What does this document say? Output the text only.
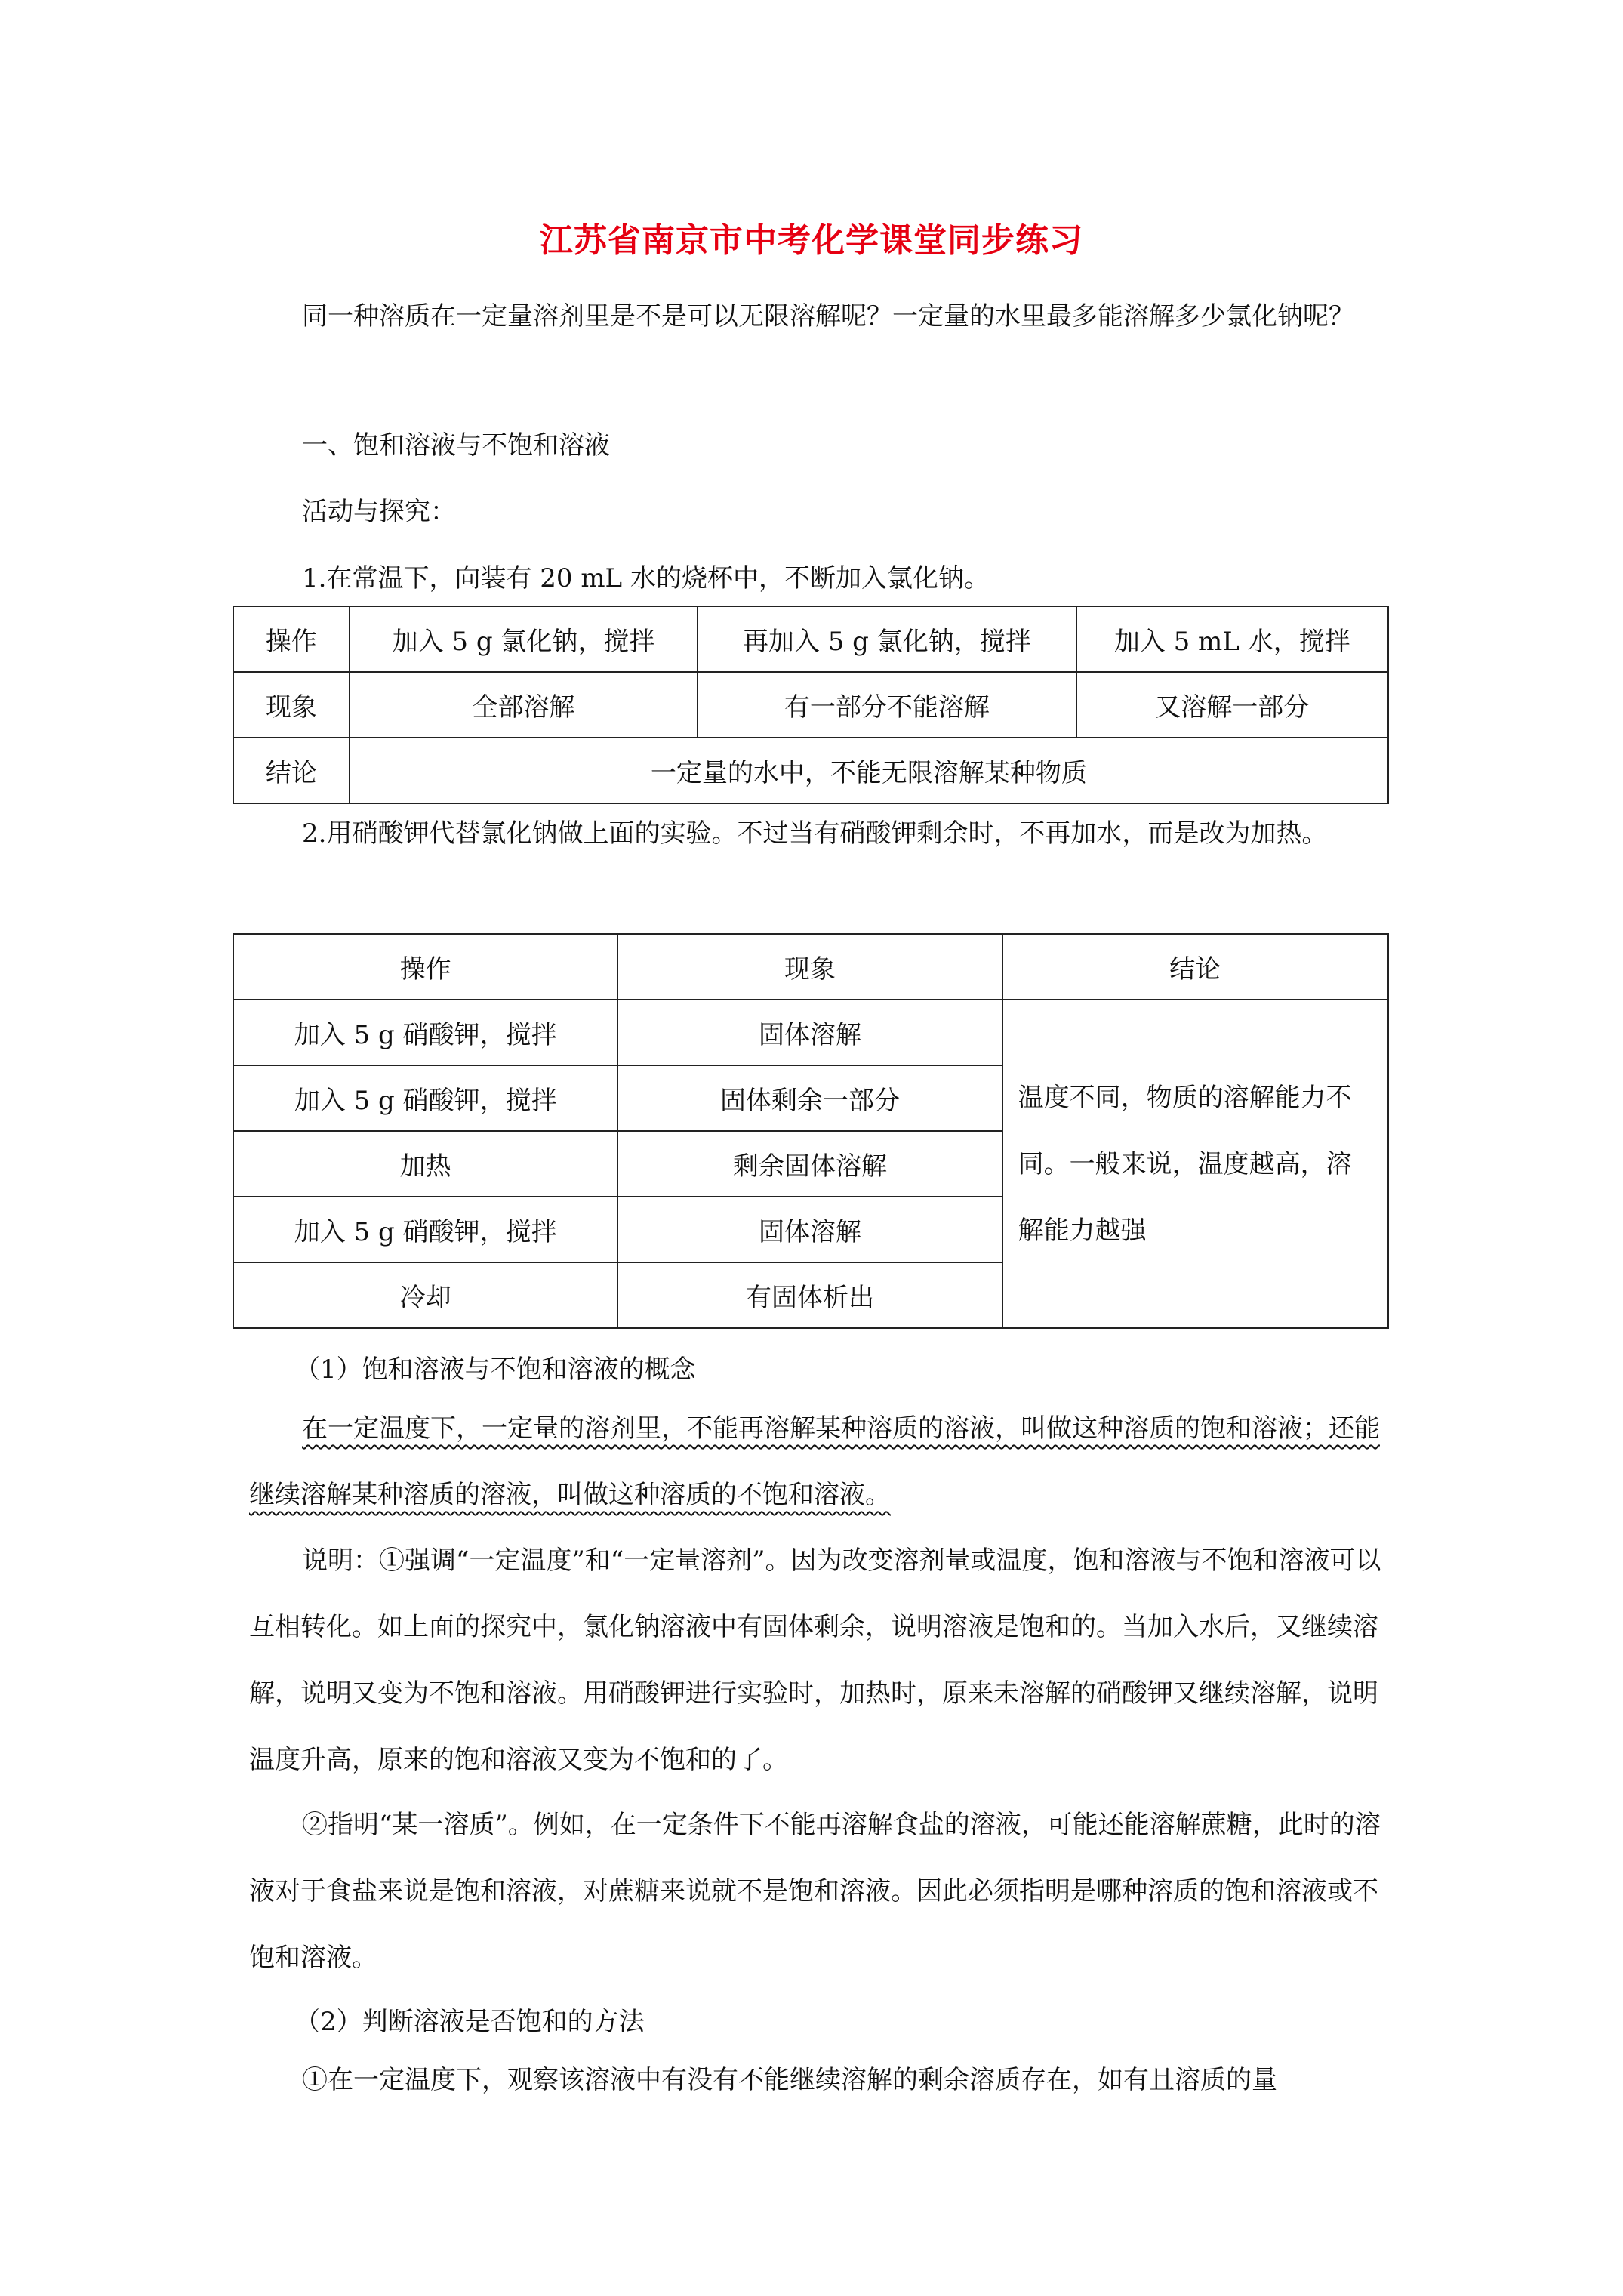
江苏省南京市中考化学课堂同步练习
同一种溶质在一定量溶剂里是不是可以无限溶解呢？一定量的水里最多能溶解多少氯化钠呢？
一、饱和溶液与不饱和溶液
活动与探究：
1.在常温下，向装有 20 mL 水的烧杯中，不断加入氯化钠。
操作	加入 5 g 氯化钠，搅拌	再加入 5 g 氯化钠，搅拌	加入 5 mL 水，搅拌
现象	全部溶解	有一部分不能溶解	又溶解一部分
结论	一定量的水中，不能无限溶解某种物质		
2.用硝酸钾代替氯化钠做上面的实验。不过当有硝酸钾剩余时，不再加水，而是改为加热。
操作	现象	结论
加入 5 g 硝酸钾，搅拌	固体溶解	温度不同，物质的溶解能力不同。一般来说，温度越高，溶解能力越强
加入 5 g 硝酸钾，搅拌	固体剩余一部分	
加热	剩余固体溶解	
加入 5 g 硝酸钾，搅拌	固体溶解	
冷却	有固体析出	
（1）饱和溶液与不饱和溶液的概念
在一定温度下，一定量的溶剂里，不能再溶解某种溶质的溶液，叫做这种溶质的饱和溶液；还能继续溶解某种溶质的溶液，叫做这种溶质的不饱和溶液。
说明：①强调“一定温度”和“一定量溶剂”。因为改变溶剂量或温度，饱和溶液与不饱和溶液可以互相转化。如上面的探究中，氯化钠溶液中有固体剩余，说明溶液是饱和的。当加入水后，又继续溶解，说明又变为不饱和溶液。用硝酸钾进行实验时，加热时，原来未溶解的硝酸钾又继续溶解，说明温度升高，原来的饱和溶液又变为不饱和的了。
②指明“某一溶质”。例如，在一定条件下不能再溶解食盐的溶液，可能还能溶解蔗糖，此时的溶液对于食盐来说是饱和溶液，对蔗糖来说就不是饱和溶液。因此必须指明是哪种溶质的饱和溶液或不饱和溶液。
（2）判断溶液是否饱和的方法
①在一定温度下，观察该溶液中有没有不能继续溶解的剩余溶质存在，如有且溶质的量
